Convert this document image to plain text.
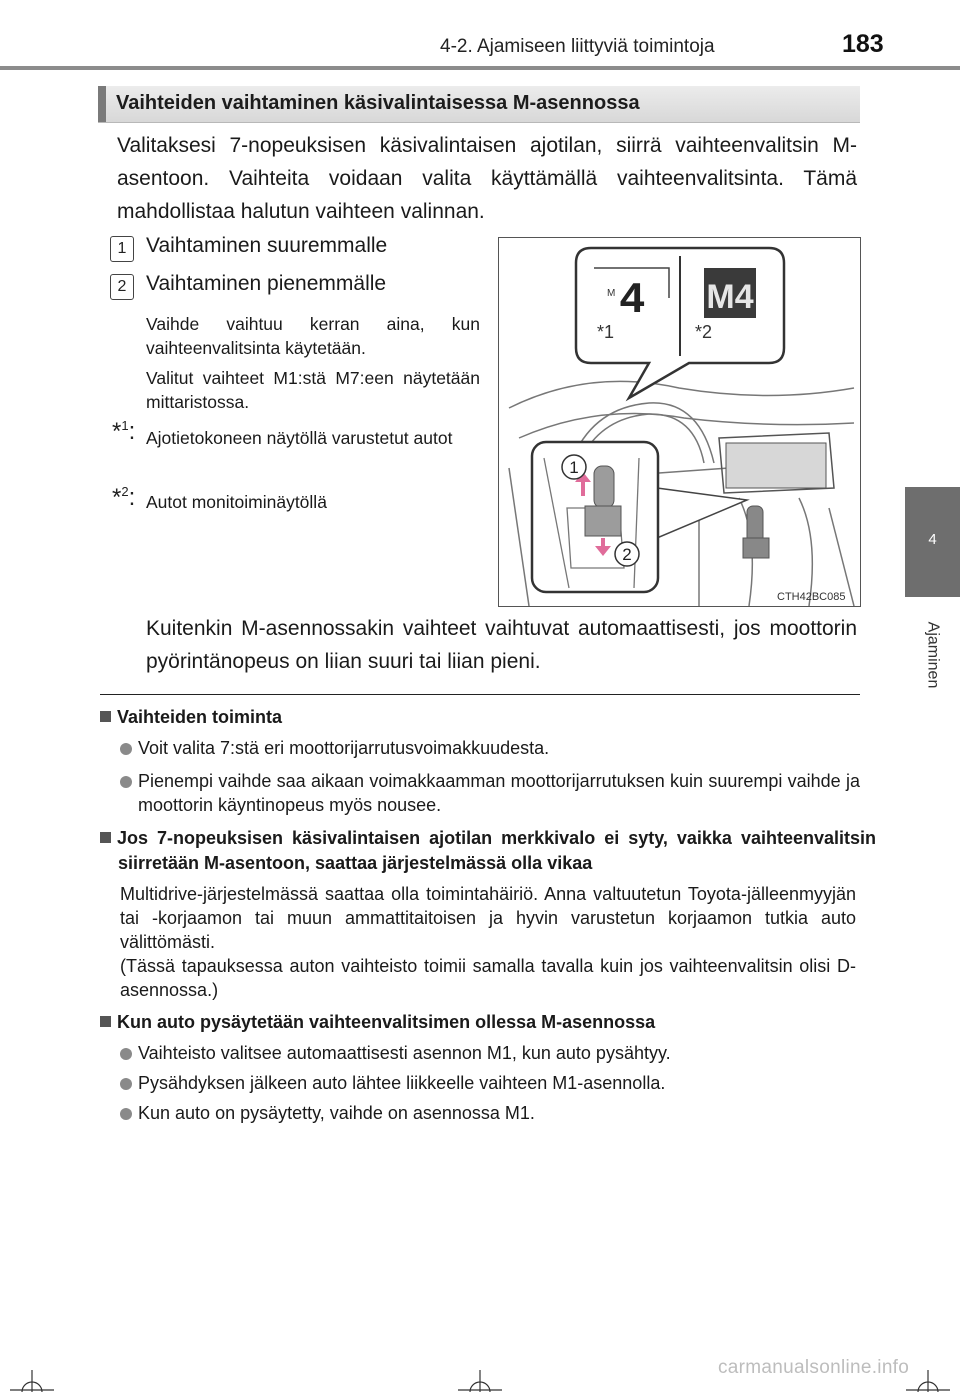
4-2. Ajamiseen liittyviä toimintoja	183
4
Ajaminen
Vaihteiden vaihtaminen käsivalintaisessa M-asennossa
Valitaksesi 7-nopeuksisen käsivalintaisen ajotilan, siirrä vaihteenvalitsin M-asentoon. Vaihteita voidaan valita käyttämällä vaihteenvalitsinta. Tämä mahdollistaa halutun vaihteen valinnan.
1 Vaihtaminen suuremmalle
2 Vaihtaminen pienemmälle
Vaihde vaihtuu kerran aina, kun vaihteenvalitsinta käytetään.
Valitut vaihteet M1:stä M7:een näytetään mittaristossa.
*$^1$: Ajotietokoneen näytöllä varustetut autot
*$^2$: Autot monitoiminäytöllä
1
2
M 4
*1
M4
*2
CTH42BC085
Kuitenkin M-asennossakin vaihteet vaihtuvat automaattisesti, jos moottorin pyörintänopeus on liian suuri tai liian pieni.
Vaihteiden toiminta
Voit valita 7:stä eri moottorijarrutusvoimakkuudesta.
Pienempi vaihde saa aikaan voimakkaamman moottorijarrutuksen kuin suurempi vaihde ja moottorin käyntinopeus myös nousee.
Jos 7-nopeuksisen käsivalintaisen ajotilan merkkivalo ei syty, vaikka vaihteenvalitsin siirretään M-asentoon, saattaa järjestelmässä olla vikaa
Multidrive-järjestelmässä saattaa olla toimintahäiriö. Anna valtuutetun Toyota-jälleenmyyjän tai -korjaamon tai muun ammattitaitoisen ja hyvin varustetun korjaamon tutkia auto välittömästi.
(Tässä tapauksessa auton vaihteisto toimii samalla tavalla kuin jos vaihteenvalitsin olisi D-asennossa.)
Kun auto pysäytetään vaihteenvalitsimen ollessa M-asennossa
Vaihteisto valitsee automaattisesti asennon M1, kun auto pysähtyy.
Pysähdyksen jälkeen auto lähtee liikkeelle vaihteen M1-asennolla.
Kun auto on pysäytetty, vaihde on asennossa M1.
carmanualsonline.info
